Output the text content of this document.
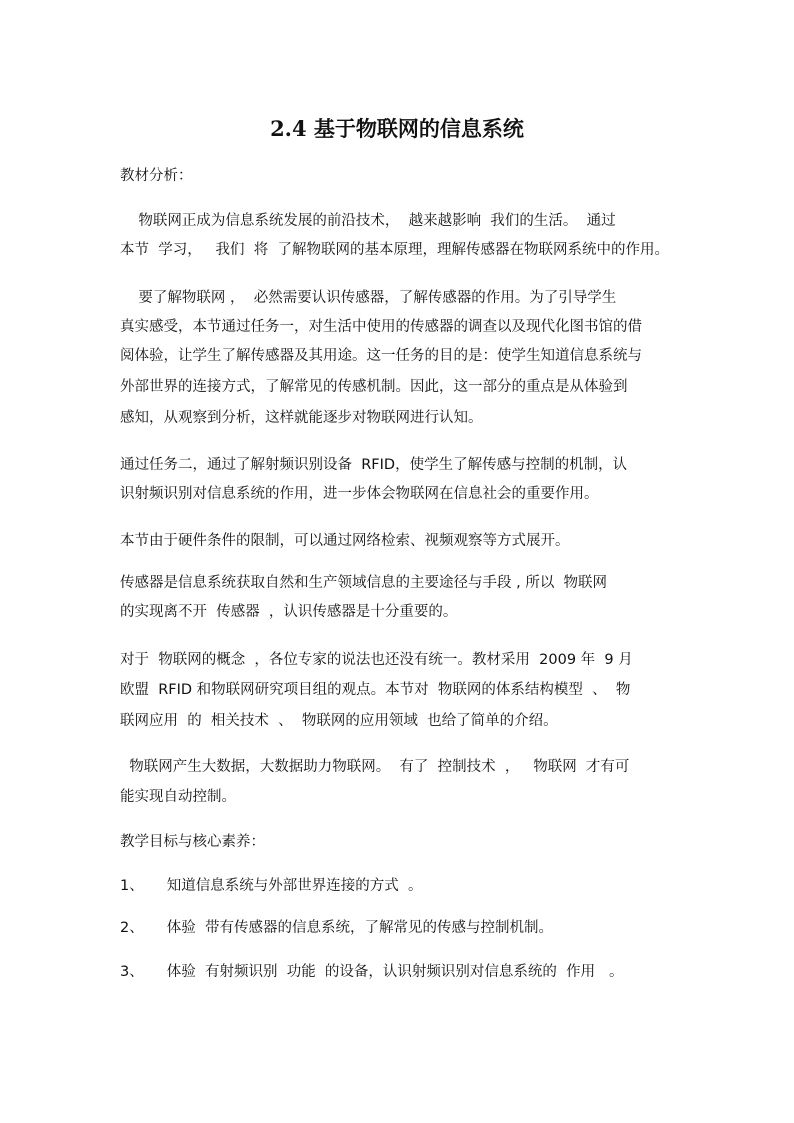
2.4 基于物联网的信息系统
教材分析：
物联网正成为信息系统发展的前沿技术，  越来越影响  我们的生活。  通过
本节  学习，   我们  将  了解物联网的基本原理，理解传感器在物联网系统中的作用。
要了解物联网 ，  必然需要认识传感器，了解传感器的作用。为了引导学生
真实感受，本节通过任务一，对生活中使用的传感器的调查以及现代化图书馆的借
阅体验，让学生了解传感器及其用途。这一任务的目的是：使学生知道信息系统与
外部世界的连接方式，了解常见的传感机制。因此，这一部分的重点是从体验到
感知，从观察到分析，这样就能逐步对物联网进行认知。
通过任务二，通过了解射频识别设备  RFID，使学生了解传感与控制的机制，认
识射频识别对信息系统的作用，进一步体会物联网在信息社会的重要作用。
本节由于硬件条件的限制，可以通过网络检索、视频观察等方式展开。
传感器是信息系统获取自然和生产领域信息的主要途径与手段 , 所以  物联网
的实现离不开  传感器  ，认识传感器是十分重要的。
对于  物联网的概念  ，各位专家的说法也还没有统一。教材采用  2009 年  9 月
欧盟  RFID 和物联网研究项目组的观点。本节对  物联网的体系结构模型  、  物
联网应用  的  相关技术  、  物联网的应用领域  也给了简单的介绍。
物联网产生大数据，大数据助力物联网。  有了  控制技术  ，   物联网  才有可
能实现自动控制。
教学目标与核心素养：
1、     知道信息系统与外部世界连接的方式  。
2、     体验  带有传感器的信息系统，了解常见的传感与控制机制。
3、     体验  有射频识别  功能  的设备，认识射频识别对信息系统的  作用   。
